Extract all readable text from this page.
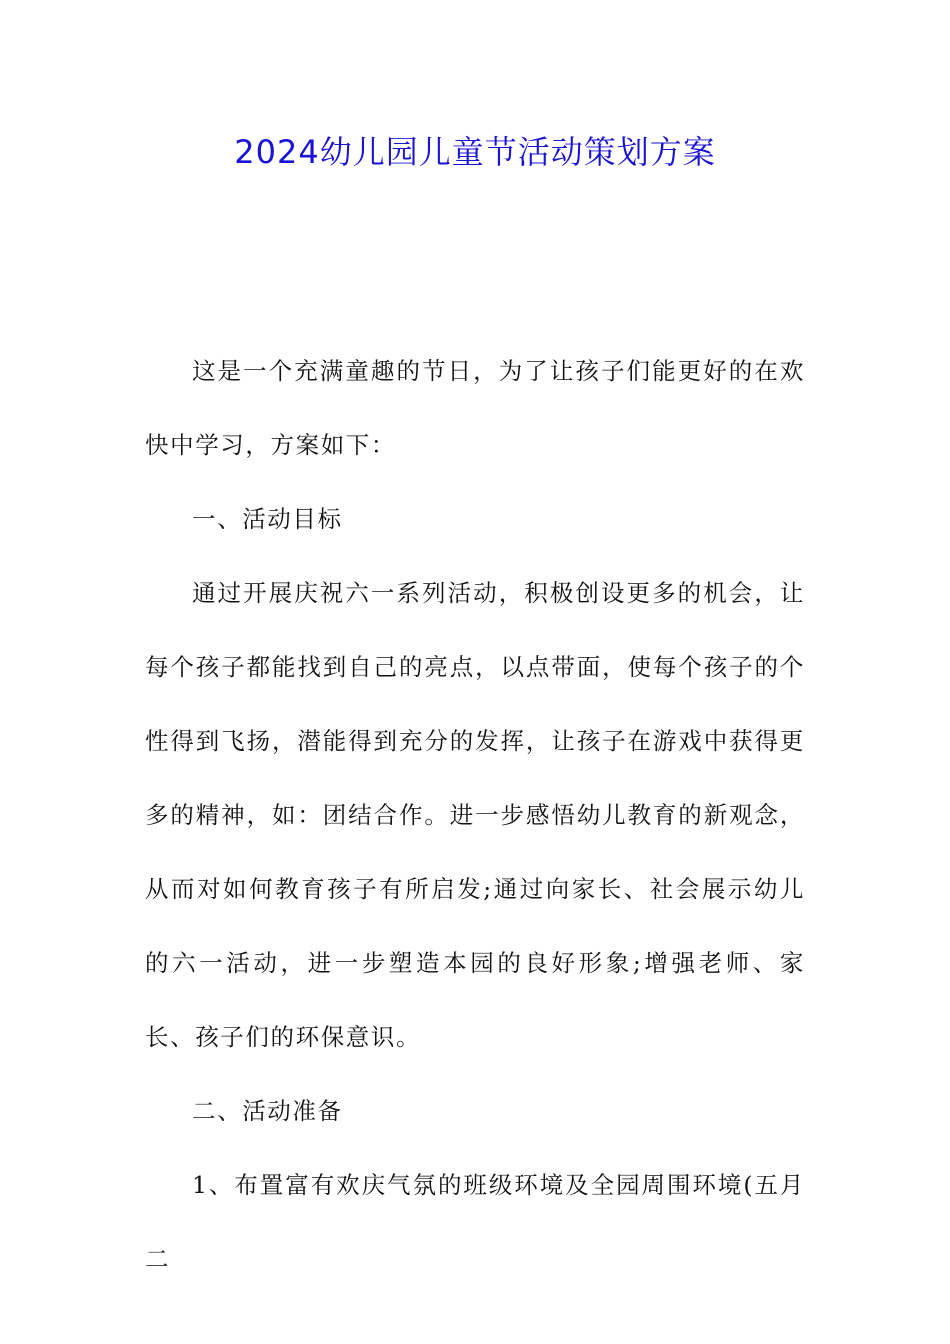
2024幼儿园儿童节活动策划方案

这是一个充满童趣的节日，为了让孩子们能更好的在欢快中学习，方案如下：

一、活动目标

通过开展庆祝六一系列活动，积极创设更多的机会，让每个孩子都能找到自己的亮点，以点带面，使每个孩子的个性得到飞扬，潜能得到充分的发挥，让孩子在游戏中获得更多的精神，如：团结合作。进一步感悟幼儿教育的新观念，从而对如何教育孩子有所启发;通过向家长、社会展示幼儿的六一活动，进一步塑造本园的良好形象;增强老师、家长、孩子们的环保意识。

二、活动准备

1、布置富有欢庆气氛的班级环境及全园周围环境(五月二
